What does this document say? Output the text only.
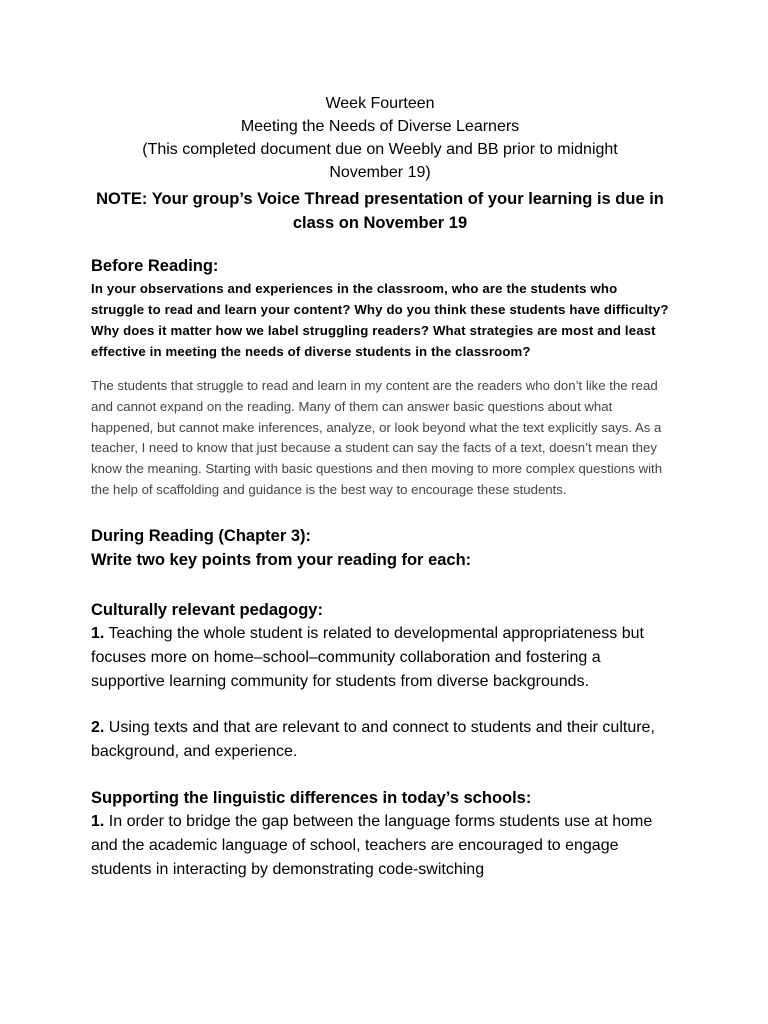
Week Fourteen
Meeting the Needs of Diverse Learners
(This completed document due on Weebly and BB prior to midnight
November 19)
NOTE: Your group’s Voice Thread presentation of your learning is due in class on November 19
Before Reading:
In your observations and experiences in the classroom, who are the students who struggle to read and learn your content? Why do you think these students have difficulty?
Why does it matter how we label struggling readers? What strategies are most and least effective in meeting the needs of diverse students in the classroom?
The students that struggle to read and learn in my content are the readers who don’t like the read and cannot expand on the reading. Many of them can answer basic questions about what happened, but cannot make inferences, analyze, or look beyond what the text explicitly says. As a teacher, I need to know that just because a student can say the facts of a text, doesn’t mean they know the meaning. Starting with basic questions and then moving to more complex questions with the help of scaffolding and guidance is the best way to encourage these students.
During Reading (Chapter 3):
Write two key points from your reading for each:
Culturally relevant pedagogy:
1. Teaching the whole student is related to developmental appropriateness but focuses more on home–school–community collaboration and fostering a supportive learning community for students from diverse backgrounds.
2. Using texts and that are relevant to and connect to students and their culture, background, and experience.
Supporting the linguistic differences in today’s schools:
1. In order to bridge the gap between the language forms students use at home and the academic language of school, teachers are encouraged to engage students in interacting by demonstrating code-switching
